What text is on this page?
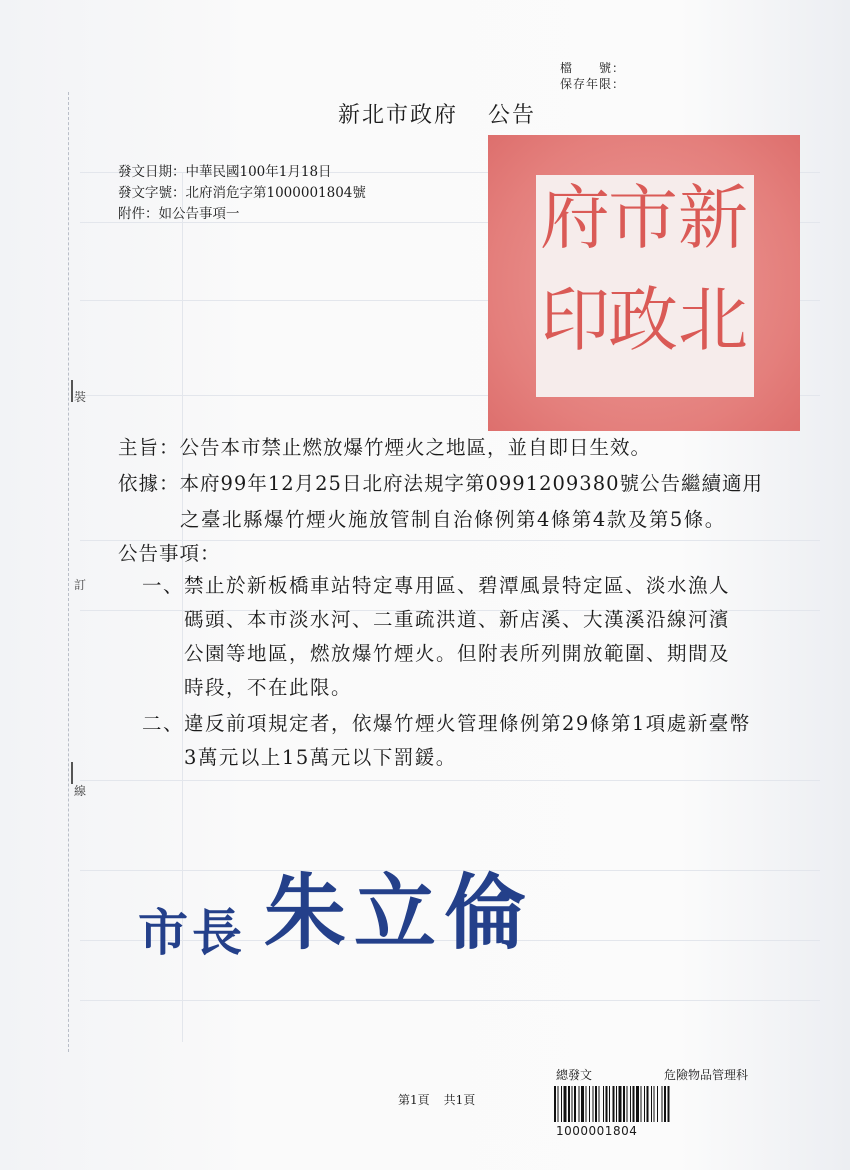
檔　　號：
保存年限：
新北市政府 公告
發文日期：中華民國100年1月18日
發文字號：北府消危字第1000001804號
附件：如公告事項一	新
北
市
政
府
印
裝
訂
線
主旨：公告本市禁止燃放爆竹煙火之地區，並自即日生效。
依據：本府99年12月25日北府法規字第0991209380號公告繼續適用
之臺北縣爆竹煙火施放管制自治條例第4條第4款及第5條。
公告事項：
一、 禁止於新板橋車站特定專用區、碧潭風景特定區、淡水漁人
碼頭、本市淡水河、二重疏洪道、新店溪、大漢溪沿線河濱
公園等地區，燃放爆竹煙火。但附表所列開放範圍、期間及
時段，不在此限。
二、 違反前項規定者，依爆竹煙火管理條例第29條第1項處新臺幣
3萬元以上15萬元以下罰鍰。
市長 朱立倫
第1頁 共1頁
總發文	危險物品管理科
1000001804
